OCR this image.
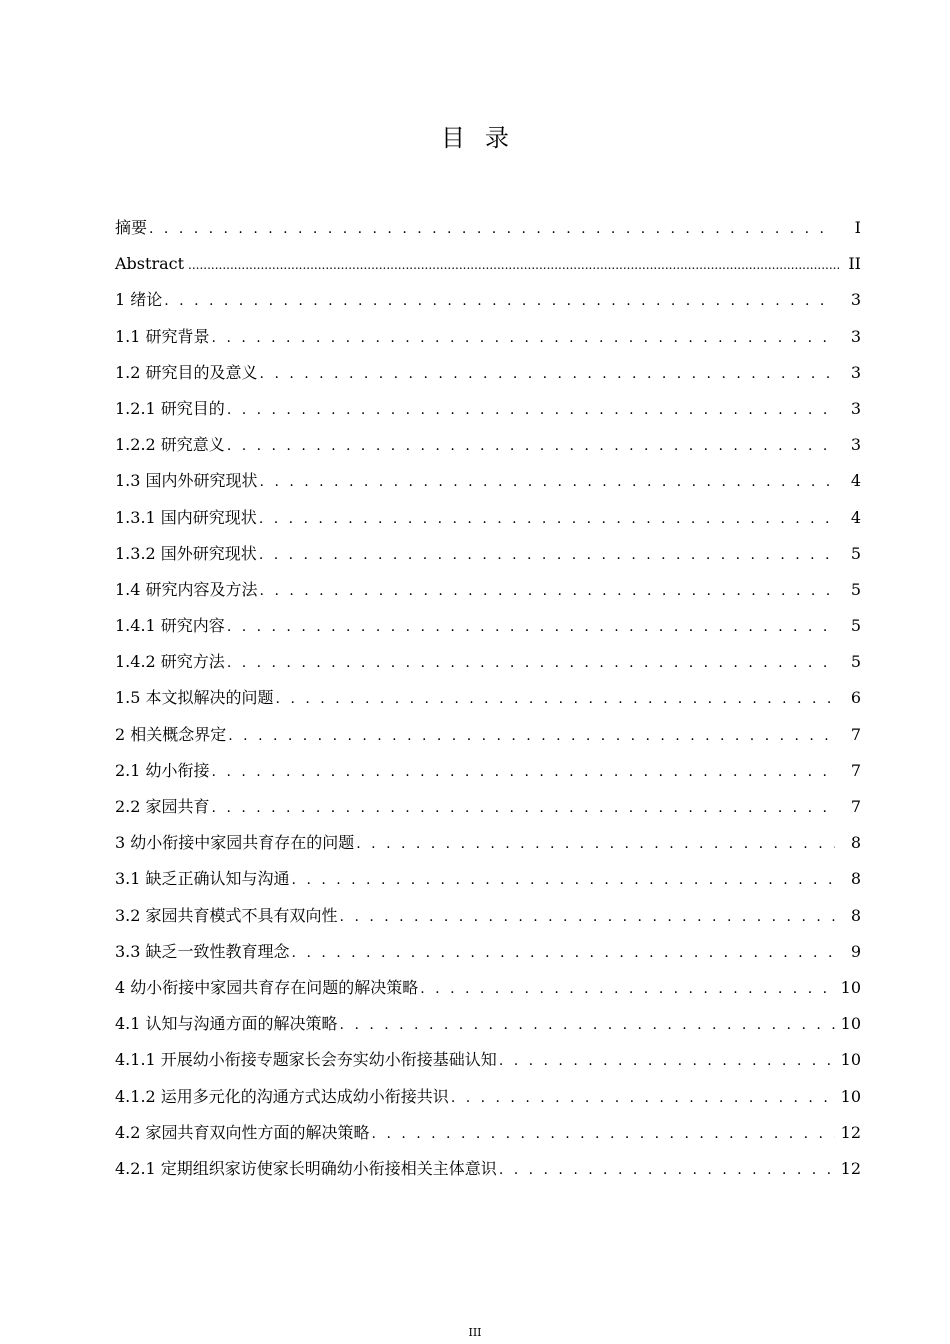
目录
摘要 . . .	I
Abstract .....	II
1 绪论 . . .	3
1.1 研究背景 . . .	3
1.2 研究目的及意义 . . .	3
1.2.1 研究目的 . . .	3
1.2.2 研究意义 . . .	3
1.3 国内外研究现状 . . .	4
1.3.1 国内研究现状 . . .	4
1.3.2 国外研究现状 . . .	5
1.4 研究内容及方法 . . .	5
1.4.1 研究内容 . . .	5
1.4.2 研究方法 . . .	5
1.5 本文拟解决的问题 . . .	6
2 相关概念界定 . . .	7
2.1 幼小衔接 . . .	7
2.2 家园共育 . . .	7
3 幼小衔接中家园共育存在的问题 . . .	8
3.1 缺乏正确认知与沟通 . . .	8
3.2 家园共育模式不具有双向性 . . .	8
3.3 缺乏一致性教育理念 . . .	9
4 幼小衔接中家园共育存在问题的解决策略 . . .	10
4.1 认知与沟通方面的解决策略 . . .	10
4.1.1 开展幼小衔接专题家长会夯实幼小衔接基础认知 . . .	10
4.1.2 运用多元化的沟通方式达成幼小衔接共识 . . .	10
4.2 家园共育双向性方面的解决策略 . . .	12
4.2.1 定期组织家访使家长明确幼小衔接相关主体意识 . . .	12
III
